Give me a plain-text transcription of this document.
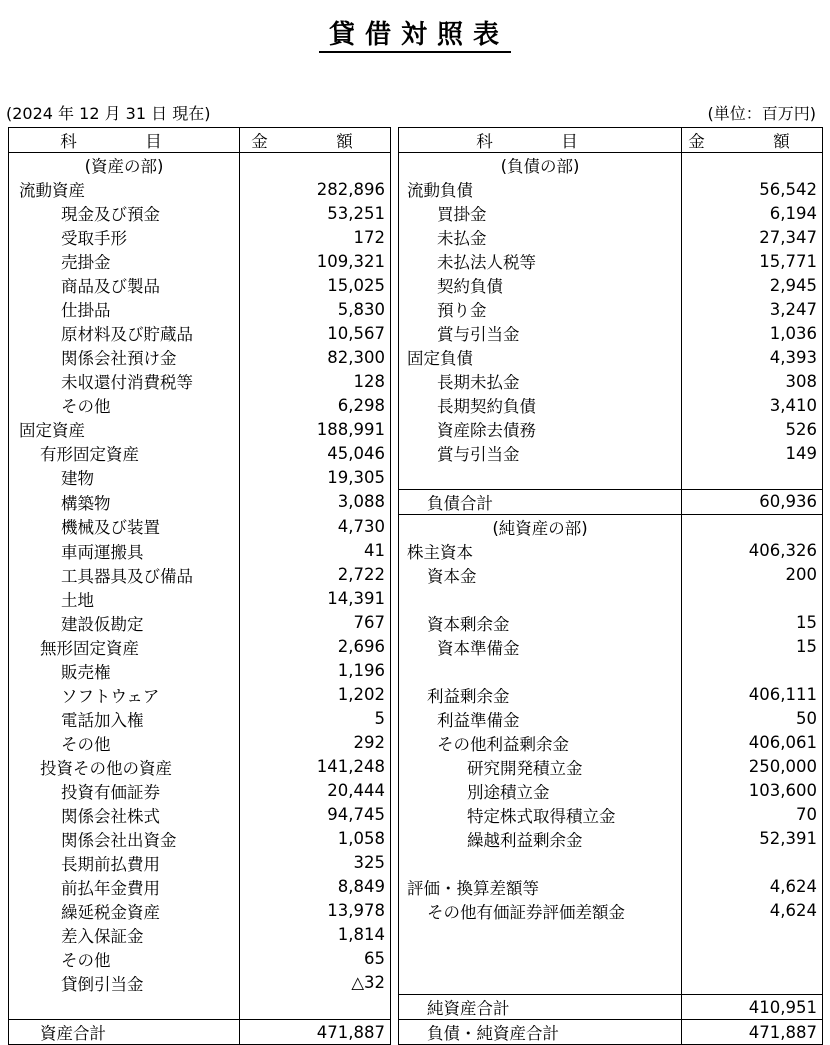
貸借対照表
(2024 年 12 月 31 日 現在)	(単位：百万円)
科　目	金　額		科　目	金　額
(資産の部)			(負債の部)	
流動資産	282,896		流動負債	56,542
現金及び預金	53,251		買掛金	6,194
受取手形	172		未払金	27,347
売掛金	109,321		未払法人税等	15,771
商品及び製品	15,025		契約負債	2,945
仕掛品	5,830		預り金	3,247
原材料及び貯蔵品	10,567		賞与引当金	1,036
関係会社預け金	82,300		固定負債	4,393
未収還付消費税等	128		長期未払金	308
その他	6,298		長期契約負債	3,410
固定資産	188,991		資産除去債務	526
有形固定資産	45,046		賞与引当金	149
建物	19,305			
構築物	3,088		負債合計	60,936
機械及び装置	4,730		(純資産の部)	
車両運搬具	41		株主資本	406,326
工具器具及び備品	2,722		資本金	200
土地	14,391			
建設仮勘定	767		資本剰余金	15
無形固定資産	2,696		資本準備金	15
販売権	1,196			
ソフトウェア	1,202		利益剰余金	406,111
電話加入権	5		利益準備金	50
その他	292		その他利益剰余金	406,061
投資その他の資産	141,248		研究開発積立金	250,000
投資有価証券	20,444		別途積立金	103,600
関係会社株式	94,745		特定株式取得積立金	70
関係会社出資金	1,058		繰越利益剰余金	52,391
長期前払費用	325			
前払年金費用	8,849		評価・換算差額等	4,624
繰延税金資産	13,978		その他有価証券評価差額金	4,624
差入保証金	1,814			
その他	65			
貸倒引当金	△32			
			純資産合計	410,951
資産合計	471,887		負債・純資産合計	471,887
